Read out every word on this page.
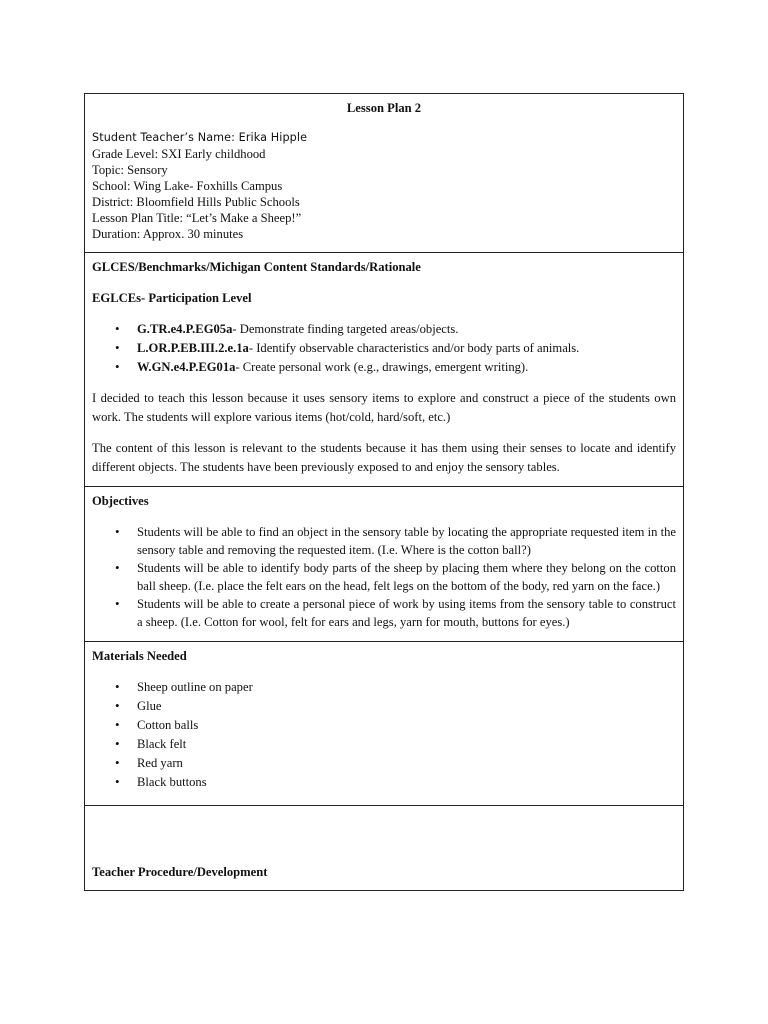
Lesson Plan 2

Student Teacher’s Name: Erika Hipple

Grade Level: SXI Early childhood

Topic: Sensory

School: Wing Lake- Foxhills Campus

District: Bloomfield Hills Public Schools

Lesson Plan Title: “Let’s Make a Sheep!”

Duration: Approx. 30 minutes

GLCES/Benchmarks/Michigan Content Standards/Rationale

EGLCEs- Participation Level

• G.TR.e4.P.EG05a- Demonstrate finding targeted areas/objects.
• L.OR.P.EB.III.2.e.1a- Identify observable characteristics and/or body parts of animals.
• W.GN.e4.P.EG01a- Create personal work (e.g., drawings, emergent writing).

I decided to teach this lesson because it uses sensory items to explore and construct a piece of the students own work. The students will explore various items (hot/cold, hard/soft, etc.)

The content of this lesson is relevant to the students because it has them using their senses to locate and identify different objects. The students have been previously exposed to and enjoy the sensory tables.

Objectives

• Students will be able to find an object in the sensory table by locating the appropriate requested item in the sensory table and removing the requested item. (I.e. Where is the cotton ball?)
• Students will be able to identify body parts of the sheep by placing them where they belong on the cotton ball sheep. (I.e. place the felt ears on the head, felt legs on the bottom of the body, red yarn on the face.)
• Students will be able to create a personal piece of work by using items from the sensory table to construct a sheep. (I.e. Cotton for wool, felt for ears and legs, yarn for mouth, buttons for eyes.)

Materials Needed

• Sheep outline on paper
• Glue
• Cotton balls
• Black felt
• Red yarn
• Black buttons

Teacher Procedure/Development
